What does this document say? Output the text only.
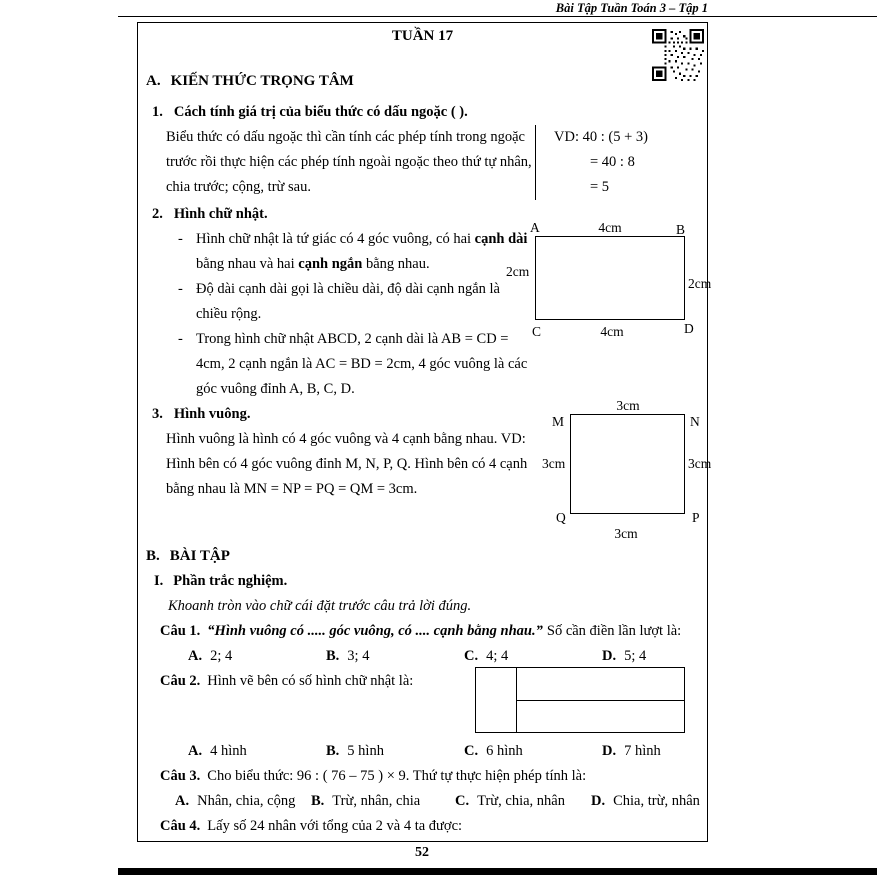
Bài Tập Tuần Toán 3 – Tập 1
TUẦN 17
A. KIẾN THỨC TRỌNG TÂM
1. Cách tính giá trị của biểu thức có dấu ngoặc ( ).
Biểu thức có dấu ngoặc thì cần tính các phép tính trong ngoặc trước rồi thực hiện các phép tính ngoài ngoặc theo thứ tự nhân, chia trước; cộng, trừ sau.
VD: 40 : (5 + 3)
= 40 : 8
= 5
2. Hình chữ nhật.
- Hình chữ nhật là tứ giác có 4 góc vuông, có hai cạnh dài bằng nhau và hai cạnh ngắn bằng nhau.
- Độ dài cạnh dài gọi là chiều dài, độ dài cạnh ngắn là chiều rộng.
- Trong hình chữ nhật ABCD, 2 cạnh dài là AB = CD = 4cm, 2 cạnh ngắn là AC = BD = 2cm, 4 góc vuông là các góc vuông đỉnh A, B, C, D.
A	4cm	B
2cm
2cm
C	4cm	D
3. Hình vuông.
Hình vuông là hình có 4 góc vuông và 4 cạnh bằng nhau. VD: Hình bên có 4 góc vuông đỉnh M, N, P, Q. Hình bên có 4 cạnh bằng nhau là MN = NP = PQ = QM = 3cm.
3cm
M	N
3cm	3cm
Q	P
3cm
B. BÀI TẬP
I. Phần trắc nghiệm.
Khoanh tròn vào chữ cái đặt trước câu trả lời đúng.
Câu 1. “Hình vuông có ..... góc vuông, có .... cạnh bằng nhau.” Số cần điền lần lượt là:
A. 2; 4	B. 3; 4	C. 4; 4	D. 5; 4
Câu 2. Hình vẽ bên có số hình chữ nhật là:
A. 4 hình	B. 5 hình	C. 6 hình	D. 7 hình
Câu 3. Cho biểu thức: 96 : ( 76 – 75 ) × 9. Thứ tự thực hiện phép tính là:
A. Nhân, chia, cộng	B. Trừ, nhân, chia	C. Trừ, chia, nhân	D. Chia, trừ, nhân
Câu 4. Lấy số 24 nhân với tổng của 2 và 4 ta được:
52
